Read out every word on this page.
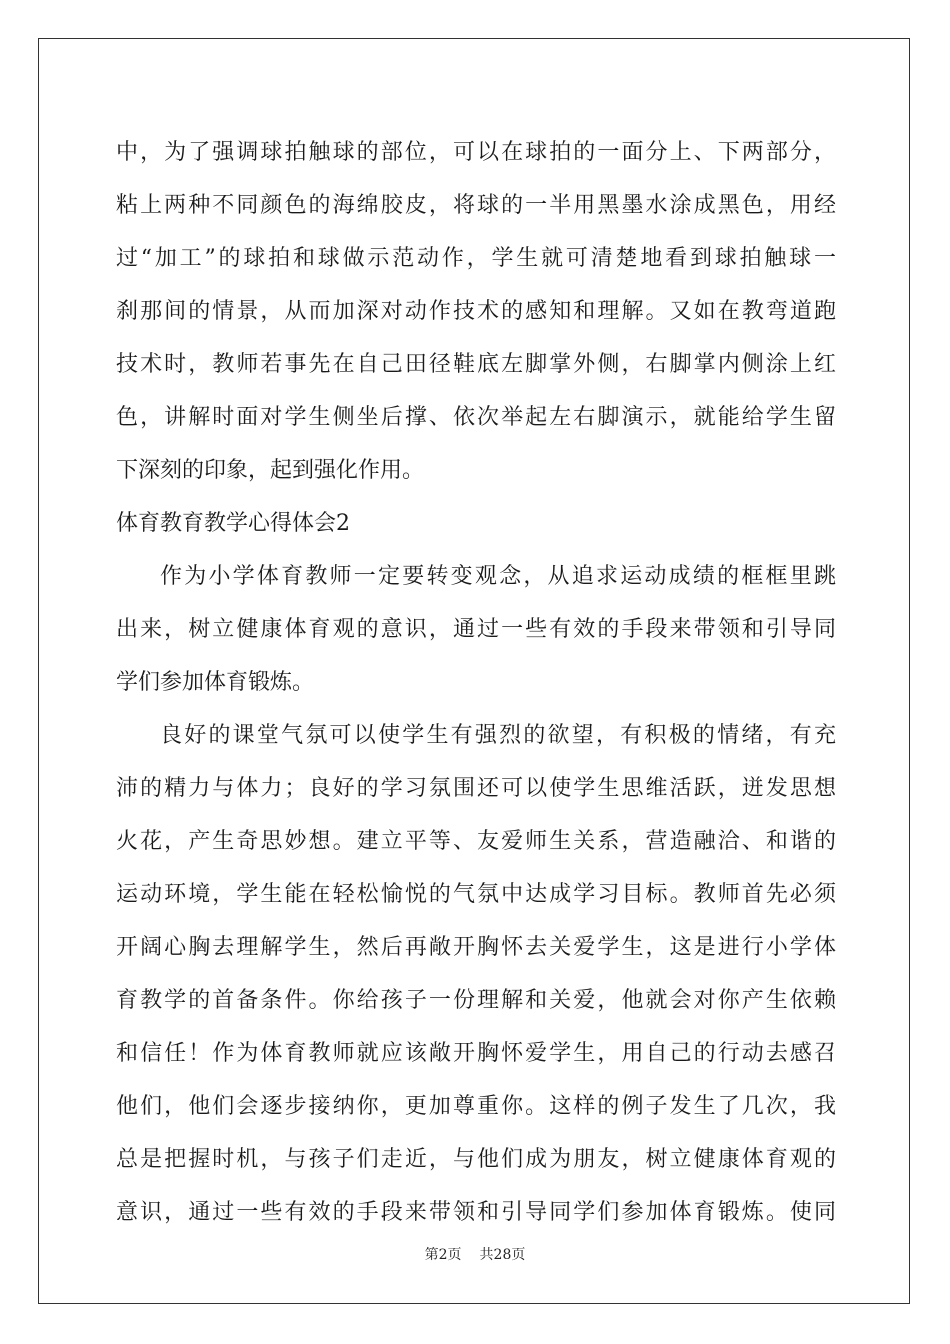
中，为了强调球拍触球的部位，可以在球拍的一面分上、下两部分，
粘上两种不同颜色的海绵胶皮，将球的一半用黑墨水涂成黑色，用经
过“加工”的球拍和球做示范动作，学生就可清楚地看到球拍触球一
刹那间的情景，从而加深对动作技术的感知和理解。又如在教弯道跑
技术时，教师若事先在自己田径鞋底左脚掌外侧，右脚掌内侧涂上红
色，讲解时面对学生侧坐后撑、依次举起左右脚演示，就能给学生留
下深刻的印象，起到强化作用。
体育教育教学心得体会2
作为小学体育教师一定要转变观念，从追求运动成绩的框框里跳
出来，树立健康体育观的意识，通过一些有效的手段来带领和引导同
学们参加体育锻炼。
良好的课堂气氛可以使学生有强烈的欲望，有积极的情绪，有充
沛的精力与体力；良好的学习氛围还可以使学生思维活跃，迸发思想
火花，产生奇思妙想。建立平等、友爱师生关系，营造融洽、和谐的
运动环境，学生能在轻松愉悦的气氛中达成学习目标。教师首先必须
开阔心胸去理解学生，然后再敞开胸怀去关爱学生，这是进行小学体
育教学的首备条件。你给孩子一份理解和关爱，他就会对你产生依赖
和信任！作为体育教师就应该敞开胸怀爱学生，用自己的行动去感召
他们，他们会逐步接纳你，更加尊重你。这样的例子发生了几次，我
总是把握时机，与孩子们走近，与他们成为朋友，树立健康体育观的
意识，通过一些有效的手段来带领和引导同学们参加体育锻炼。使同
第2页 共28页
